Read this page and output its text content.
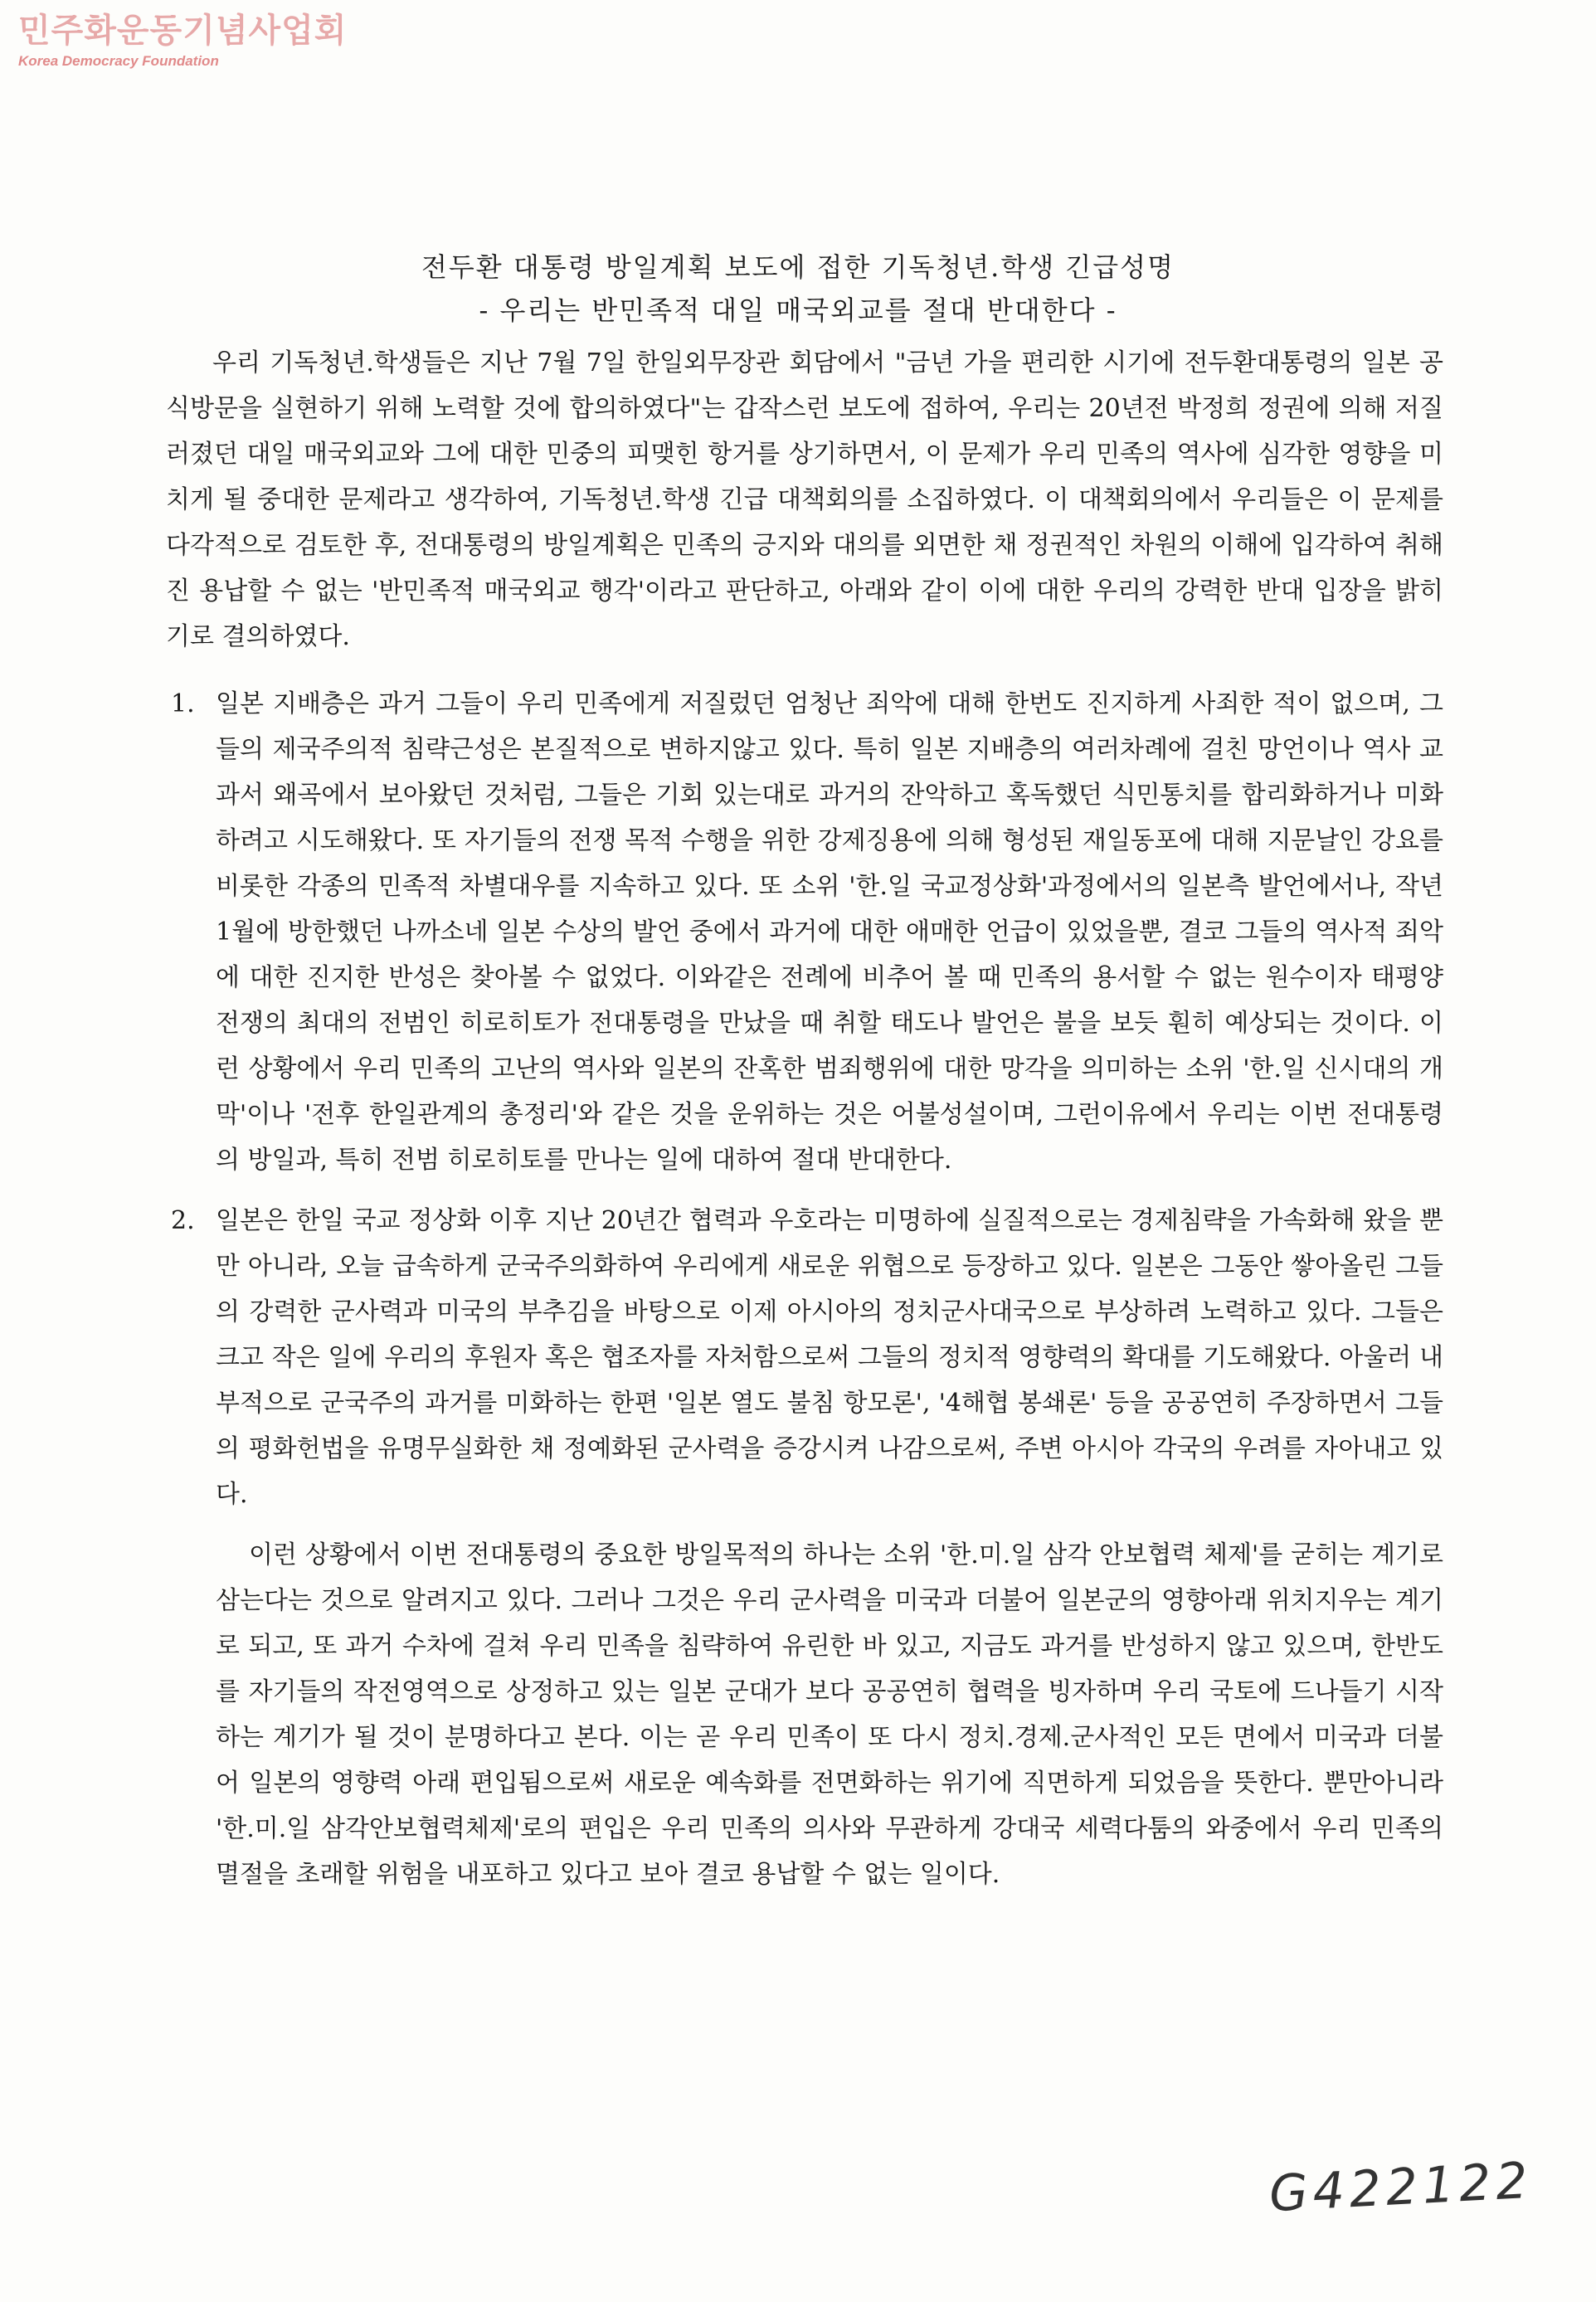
민주화운동기념사업회
Korea Democracy Foundation
전두환 대통령 방일계획 보도에 접한 기독청년.학생 긴급성명
- 우리는 반민족적 대일 매국외교를 절대 반대한다 -

우리 기독청년.학생들은 지난 7월 7일 한일외무장관 회담에서 "금년 가을 편리한 시기에 전두환대통령의 일본 공식방문을 실현하기 위해 노력할 것에 합의하였다"는 갑작스런 보도에 접하여, 우리는 20년전 박정희 정권에 의해 저질러졌던 대일 매국외교와 그에 대한 민중의 피맺힌 항거를 상기하면서, 이 문제가 우리 민족의 역사에 심각한 영향을 미치게 될 중대한 문제라고 생각하여, 기독청년.학생 긴급 대책회의를 소집하였다. 이 대책회의에서 우리들은 이 문제를 다각적으로 검토한 후, 전대통령의 방일계획은 민족의 긍지와 대의를 외면한 채 정권적인 차원의 이해에 입각하여 취해진 용납할 수 없는 '반민족적 매국외교 행각'이라고 판단하고, 아래와 같이 이에 대한 우리의 강력한 반대 입장을 밝히기로 결의하였다.

1. 일본 지배층은 과거 그들이 우리 민족에게 저질렀던 엄청난 죄악에 대해 한번도 진지하게 사죄한 적이 없으며, 그들의 제국주의적 침략근성은 본질적으로 변하지않고 있다. 특히 일본 지배층의 여러차례에 걸친 망언이나 역사 교과서 왜곡에서 보아왔던 것처럼, 그들은 기회 있는대로 과거의 잔악하고 혹독했던 식민통치를 합리화하거나 미화하려고 시도해왔다. 또 자기들의 전쟁 목적 수행을 위한 강제징용에 의해 형성된 재일동포에 대해 지문날인 강요를 비롯한 각종의 민족적 차별대우를 지속하고 있다. 또 소위 '한.일 국교정상화'과정에서의 일본측 발언에서나, 작년 1월에 방한했던 나까소네 일본 수상의 발언 중에서 과거에 대한 애매한 언급이 있었을뿐, 결코 그들의 역사적 죄악에 대한 진지한 반성은 찾아볼 수 없었다. 이와같은 전례에 비추어 볼 때 민족의 용서할 수 없는 원수이자 태평양 전쟁의 최대의 전범인 히로히토가 전대통령을 만났을 때 취할 태도나 발언은 불을 보듯 훤히 예상되는 것이다. 이런 상황에서 우리 민족의 고난의 역사와 일본의 잔혹한 범죄행위에 대한 망각을 의미하는 소위 '한.일 신시대의 개막'이나 '전후 한일관계의 총정리'와 같은 것을 운위하는 것은 어불성설이며, 그런이유에서 우리는 이번 전대통령의 방일과, 특히 전범 히로히토를 만나는 일에 대하여 절대 반대한다.

2. 일본은 한일 국교 정상화 이후 지난 20년간 협력과 우호라는 미명하에 실질적으로는 경제침략을 가속화해 왔을 뿐만 아니라, 오늘 급속하게 군국주의화하여 우리에게 새로운 위협으로 등장하고 있다. 일본은 그동안 쌓아올린 그들의 강력한 군사력과 미국의 부추김을 바탕으로 이제 아시아의 정치군사대국으로 부상하려 노력하고 있다. 그들은 크고 작은 일에 우리의 후원자 혹은 협조자를 자처함으로써 그들의 정치적 영향력의 확대를 기도해왔다. 아울러 내부적으로 군국주의 과거를 미화하는 한편 '일본 열도 불침 항모론', '4해협 봉쇄론' 등을 공공연히 주장하면서 그들의 평화헌법을 유명무실화한 채 정예화된 군사력을 증강시켜 나감으로써, 주변 아시아 각국의 우려를 자아내고 있다.

이런 상황에서 이번 전대통령의 중요한 방일목적의 하나는 소위 '한.미.일 삼각 안보협력 체제'를 굳히는 계기로 삼는다는 것으로 알려지고 있다. 그러나 그것은 우리 군사력을 미국과 더불어 일본군의 영향아래 위치지우는 계기로 되고, 또 과거 수차에 걸쳐 우리 민족을 침략하여 유린한 바 있고, 지금도 과거를 반성하지 않고 있으며, 한반도를 자기들의 작전영역으로 상정하고 있는 일본 군대가 보다 공공연히 협력을 빙자하며 우리 국토에 드나들기 시작하는 계기가 될 것이 분명하다고 본다. 이는 곧 우리 민족이 또 다시 정치.경제.군사적인 모든 면에서 미국과 더불어 일본의 영향력 아래 편입됨으로써 새로운 예속화를 전면화하는 위기에 직면하게 되었음을 뜻한다. 뿐만아니라 '한.미.일 삼각안보협력체제'로의 편입은 우리 민족의 의사와 무관하게 강대국 세력다툼의 와중에서 우리 민족의 멸절을 초래할 위험을 내포하고 있다고 보아 결코 용납할 수 없는 일이다.

G422122
